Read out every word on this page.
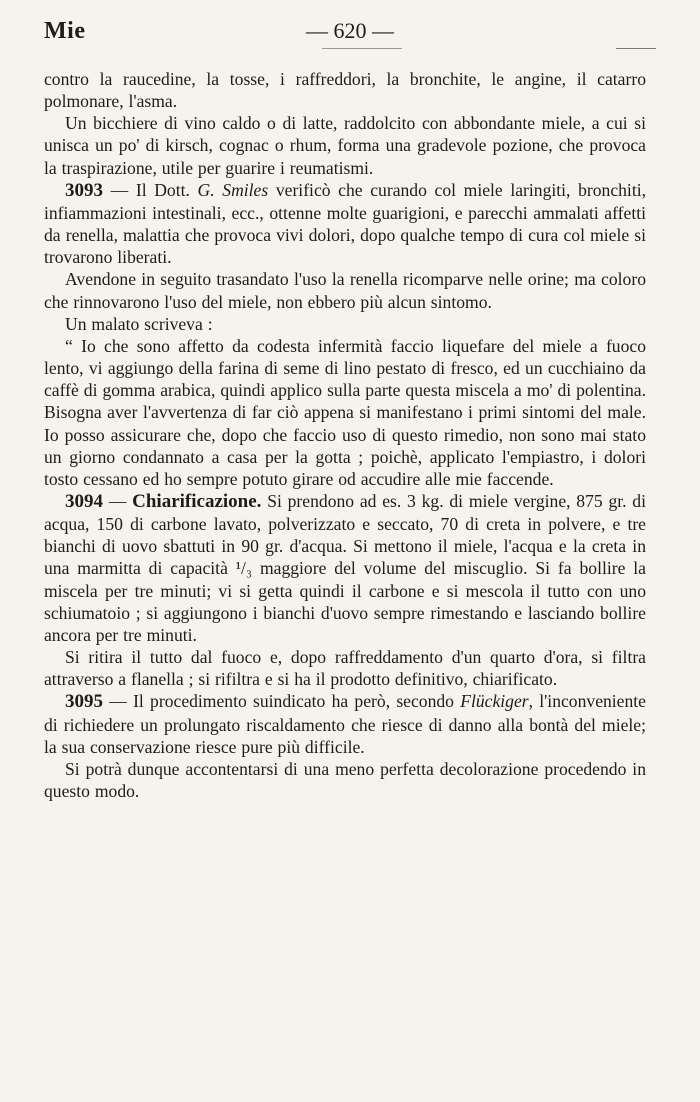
Mie	— 620 —

contro la raucedine, la tosse, i raffreddori, la bronchite, le angine, il catarro polmonare, l'asma.

Un bicchiere di vino caldo o di latte, raddolcito con abbondante miele, a cui si unisca un po' di kirsch, cognac o rhum, forma una gradevole pozione, che provoca la traspirazione, utile per guarire i reumatismi.

3093 — Il Dott. G. Smiles verificò che curando col miele laringiti, bronchiti, infiammazioni intestinali, ecc., ottenne molte guarigioni, e parecchi ammalati affetti da renella, malattia che provoca vivi dolori, dopo qualche tempo di cura col miele si trovarono liberati.

Avendone in seguito trasandato l'uso la renella ricomparve nelle orine; ma coloro che rinnovarono l'uso del miele, non ebbero più alcun sintomo.

Un malato scriveva :

“ Io che sono affetto da codesta infermità faccio liquefare del miele a fuoco lento, vi aggiungo della farina di seme di lino pestato di fresco, ed un cucchiaino da caffè di gomma arabica, quindi applico sulla parte questa miscela a mo' di polentina. Bisogna aver l'avvertenza di far ciò appena si manifestano i primi sintomi del male. Io posso assicurare che, dopo che faccio uso di questo rimedio, non sono mai stato un giorno condannato a casa per la gotta ; poichè, applicato l'empiastro, i dolori tosto cessano ed ho sempre potuto girare od accudire alle mie faccende.

3094 — Chiarificazione. Si prendono ad es. 3 kg. di miele vergine, 875 gr. di acqua, 150 di carbone lavato, polverizzato e seccato, 70 di creta in polvere, e tre bianchi di uovo sbattuti in 90 gr. d'acqua. Si mettono il miele, l'acqua e la creta in una marmitta di capacità ¹/₃ maggiore del volume del miscuglio. Si fa bollire la miscela per tre minuti; vi si getta quindi il carbone e si mescola il tutto con uno schiumatoio ; si aggiungono i bianchi d'uovo sempre rimestando e lasciando bollire ancora per tre minuti.

Si ritira il tutto dal fuoco e, dopo raffreddamento d'un quarto d'ora, si filtra attraverso a flanella ; si rifiltra e si ha il prodotto definitivo, chiarificato.

3095 — Il procedimento suindicato ha però, secondo Flückiger, l'inconveniente di richiedere un prolungato riscaldamento che riesce di danno alla bontà del miele; la sua conservazione riesce pure più difficile.

Si potrà dunque accontentarsi di una meno perfetta decolorazione procedendo in questo modo.
